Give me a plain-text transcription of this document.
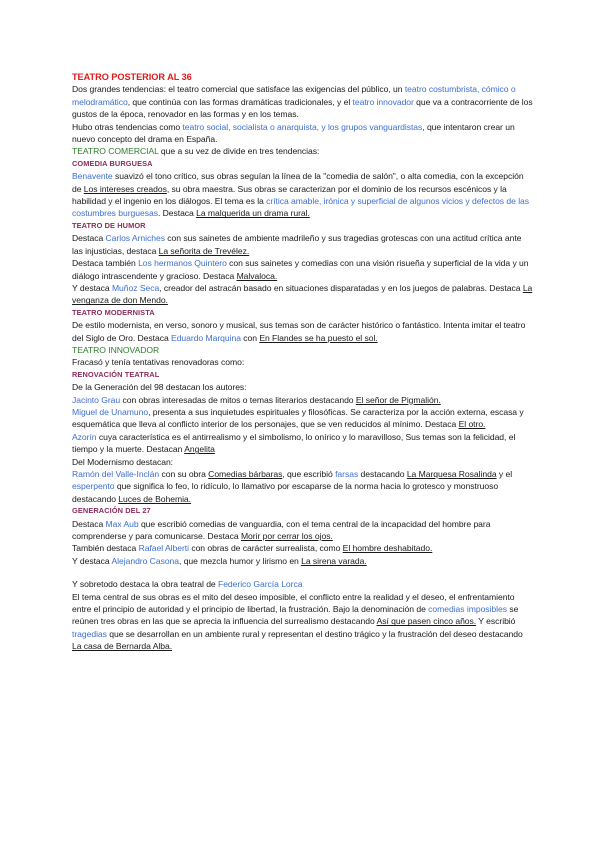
TEATRO POSTERIOR AL 36

Dos grandes tendencias: el teatro comercial que satisface las exigencias del público, un teatro costumbrista, cómico o melodramático, que continúa con las formas dramáticas tradicionales, y el teatro innovador que va a contracorriente de los gustos de la época, renovador en las formas y en los temas.

Hubo otras tendencias como teatro social, socialista o anarquista, y los grupos vanguardistas, que intentaron crear un nuevo concepto del drama en España.

TEATRO COMERCIAL que a su vez de divide en tres tendencias:

COMEDIA BURGUESA

Benavente suavizó el tono crítico, sus obras seguían la línea de la "comedia de salón", o alta comedia, con la excepción de Los intereses creados, su obra maestra. Sus obras se caracterizan por el dominio de los recursos escénicos y la habilidad y el ingenio en los diálogos. El tema es la crítica amable, irónica y superficial de algunos vicios y defectos de las costumbres burguesas. Destaca La malquerida un drama rural.

TEATRO DE HUMOR

Destaca Carlos Arniches con sus sainetes de ambiente madrileño y sus tragedias grotescas con una actitud crítica ante las injusticias, destaca La señorita de Trevélez.

Destaca también Los hermanos Quintero con sus sainetes y comedias con una visión risueña y superficial de la vida y un diálogo intrascendente y gracioso. Destaca Malvaloca.

Y destaca Muñoz Seca, creador del astracán basado en situaciones disparatadas y en los juegos de palabras. Destaca La venganza de don Mendo.

TEATRO MODERNISTA

De estilo modernista, en verso, sonoro y musical, sus temas son de carácter histórico o fantástico. Intenta imitar el teatro del Siglo de Oro. Destaca Eduardo Marquina con En Flandes se ha puesto el sol.

TEATRO INNOVADOR

Fracasó y tenía tentativas renovadoras como:

RENOVACIÓN TEATRAL

De la Generación del 98 destacan los autores:

Jacinto Grau con obras interesadas de mitos o temas literarios destacando El señor de Pigmalión.

Miguel de Unamuno, presenta a sus inquietudes espirituales y filosóficas. Se caracteriza por la acción externa, escasa y esquemática que lleva al conflicto interior de los personajes, que se ven reducidos al mínimo. Destaca El otro.

Azorín cuya característica es el antirrealismo y el simbolismo, lo onírico y lo maravilloso, Sus temas son la felicidad, el tiempo y la muerte. Destacan Angelita

Del Modernismo destacan:

Ramón del Valle-Inclán con su obra Comedias bárbaras, que escribió farsas destacando La Marquesa Rosalinda y el esperpento que significa lo feo, lo ridículo, lo llamativo por escaparse de la norma hacia lo grotesco y monstruoso destacando Luces de Bohemia.

GENERACIÓN DEL 27

Destaca Max Aub que escribió comedias de vanguardia, con el tema central de la incapacidad del hombre para comprenderse y para comunicarse. Destaca Morir por cerrar los ojos.

También destaca Rafael Alberti con obras de carácter surrealista, como El hombre deshabitado.

Y destaca Alejandro Casona, que mezcla humor y lirismo en La sirena varada.

Y sobretodo destaca la obra teatral de Federico García Lorca

El tema central de sus obras es el mito del deseo imposible, el conflicto entre la realidad y el deseo, el enfrentamiento entre el principio de autoridad y el principio de libertad, la frustración. Bajo la denominación de comedias imposibles se reúnen tres obras en las que se aprecia la influencia del surrealismo destacando Así que pasen cinco años. Y escribió tragedias que se desarrollan en un ambiente rural y representan el destino trágico y la frustración del deseo destacando La casa de Bernarda Alba.
